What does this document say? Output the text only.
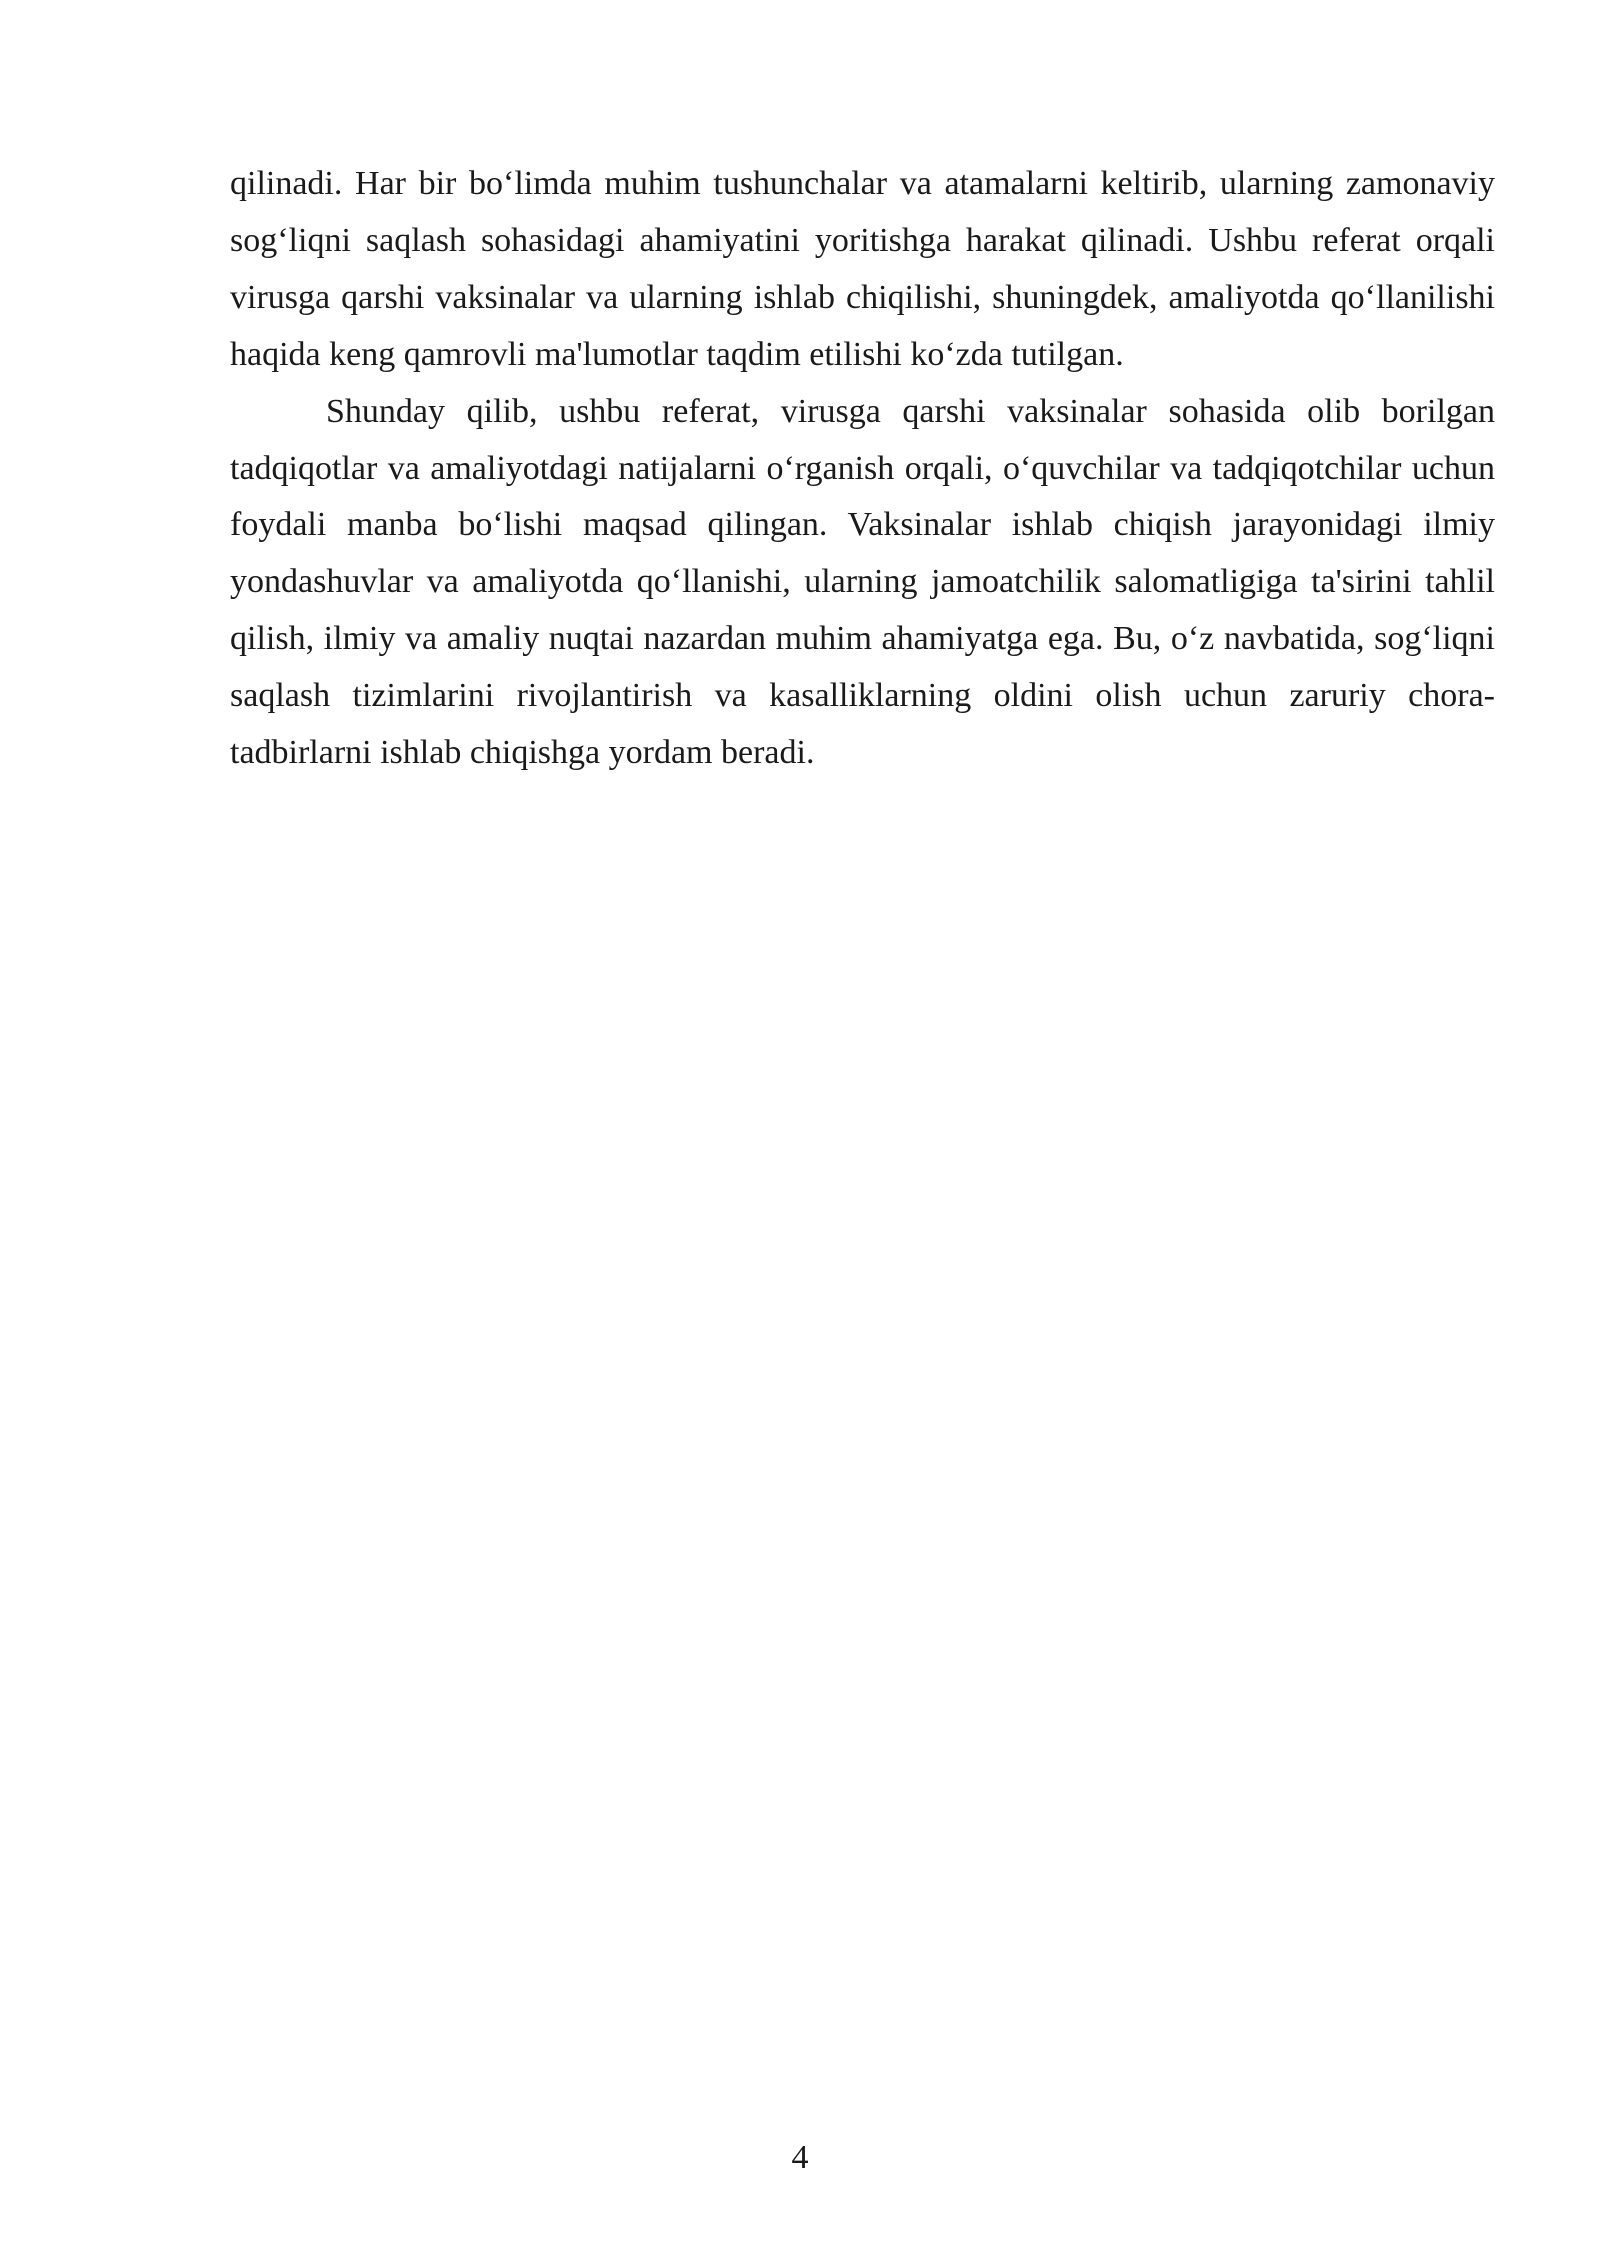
qilinadi. Har bir bo‘limda muhim tushunchalar va atamalarni keltirib, ularning zamonaviy sog‘liqni saqlash sohasidagi ahamiyatini yoritishga harakat qilinadi. Ushbu referat orqali virusga qarshi vaksinalar va ularning ishlab chiqilishi, shuningdek, amaliyotda qo‘llanilishi haqida keng qamrovli ma'lumotlar taqdim etilishi ko‘zda tutilgan.

Shunday qilib, ushbu referat, virusga qarshi vaksinalar sohasida olib borilgan tadqiqotlar va amaliyotdagi natijalarni o‘rganish orqali, o‘quvchilar va tadqiqotchilar uchun foydali manba bo‘lishi maqsad qilingan. Vaksinalar ishlab chiqish jarayonidagi ilmiy yondashuvlar va amaliyotda qo‘llanishi, ularning jamoatchilik salomatligiga ta'sirini tahlil qilish, ilmiy va amaliy nuqtai nazardan muhim ahamiyatga ega. Bu, o‘z navbatida, sog‘liqni saqlash tizimlarini rivojlantirish va kasalliklarning oldini olish uchun zaruriy chora-tadbirlarni ishlab chiqishga yordam beradi.

4
